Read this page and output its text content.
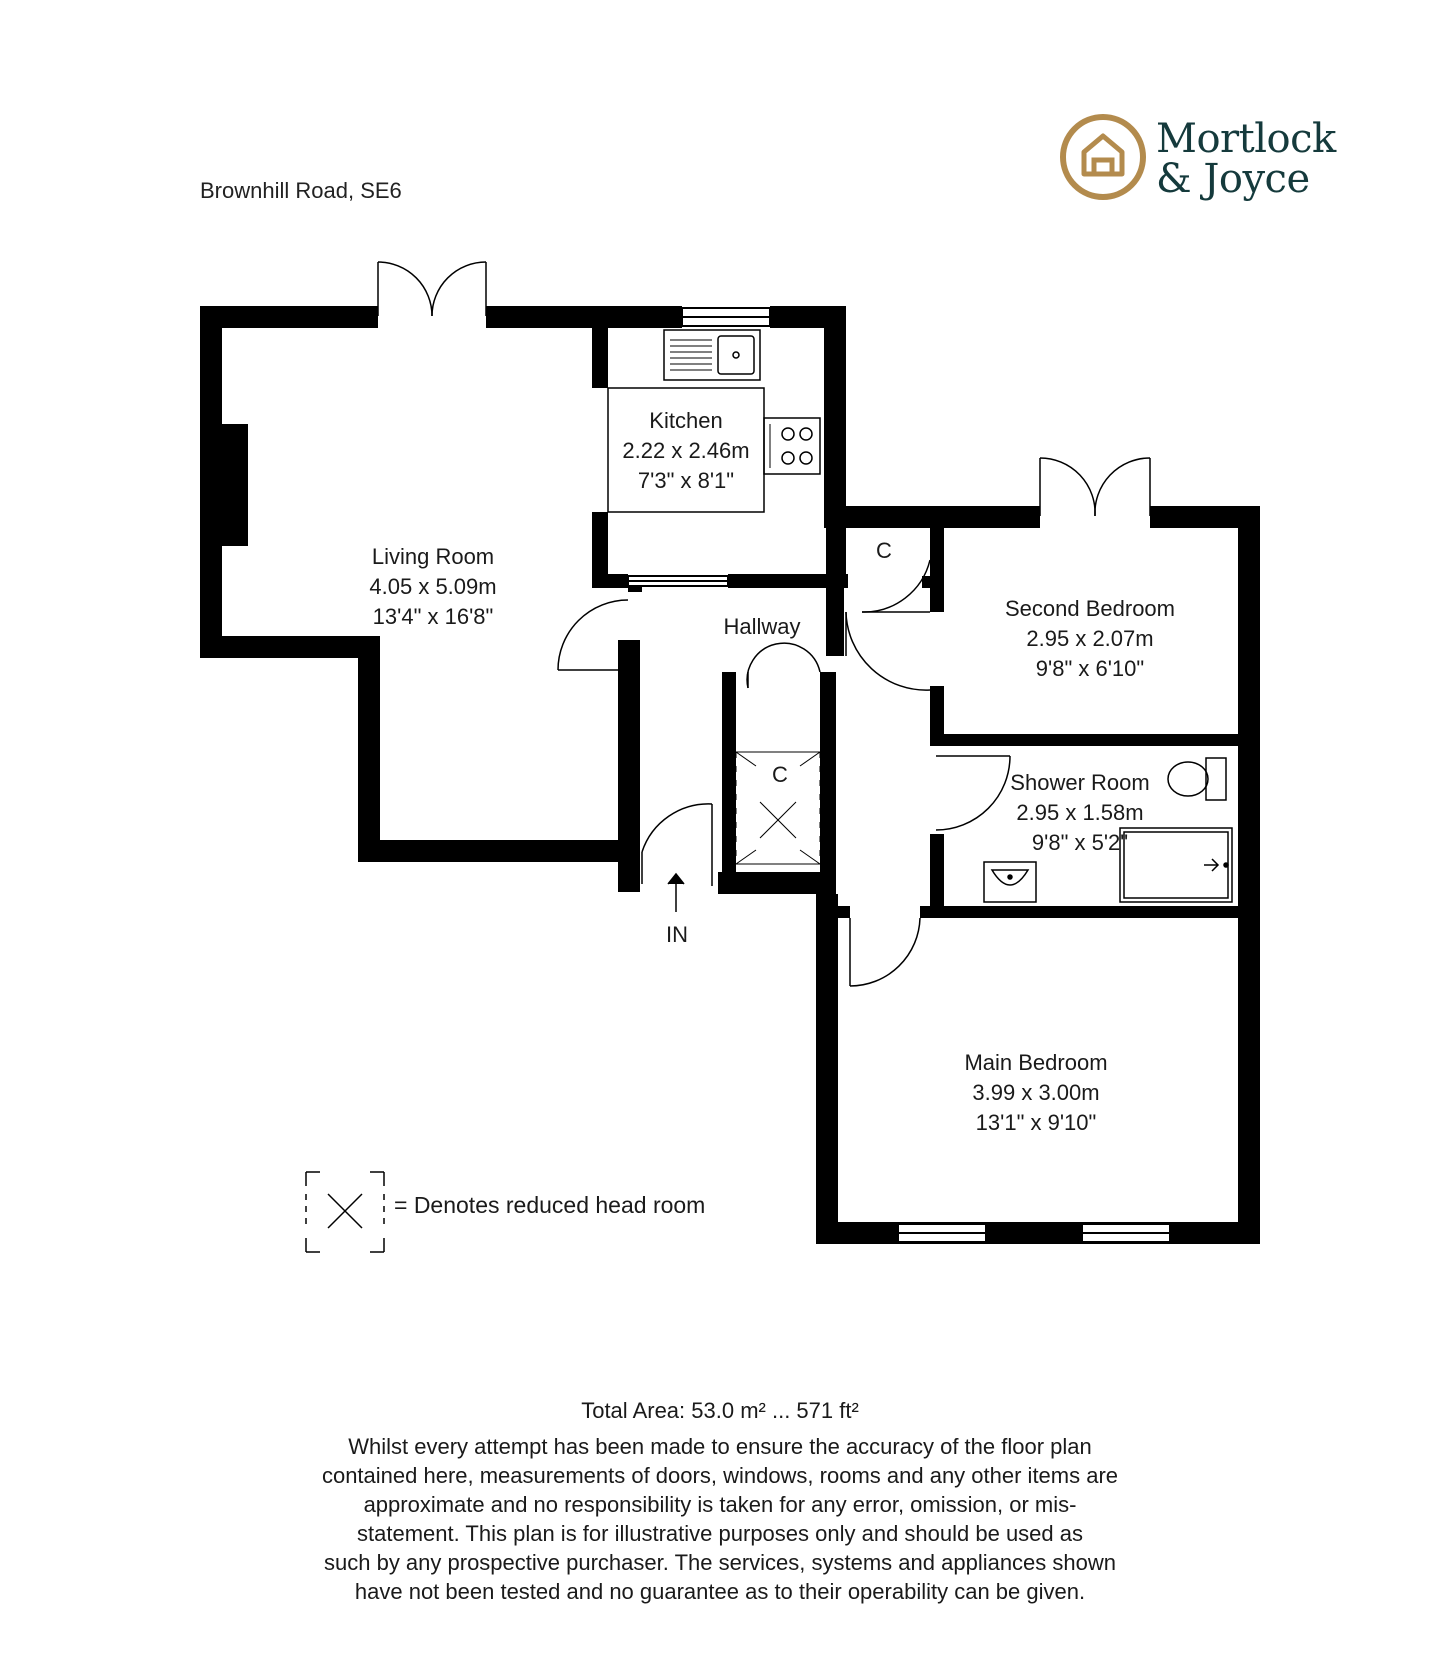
Brownhill Road, SE6
Mortlock
& Joyce
Living Room
4.05 x 5.09m
13'4" x 16'8"
Kitchen
2.22 x 2.46m
7'3" x 8'1"
Hallway
Second Bedroom
2.95 x 2.07m
9'8" x 6'10"
Shower Room
2.95 x 1.58m
9'8" x 5'2"
Main Bedroom
3.99 x 3.00m
13'1" x 9'10"
C
C
IN
= Denotes reduced head room
Total Area: 53.0 m² ... 571 ft²
Whilst every attempt has been made to ensure the accuracy of the floor plan
contained here, measurements of doors, windows, rooms and any other items are
approximate and no responsibility is taken for any error, omission, or mis-
statement. This plan is for illustrative purposes only and should be used as
such by any prospective purchaser. The services, systems and appliances shown
have not been tested and no guarantee as to their operability can be given.
